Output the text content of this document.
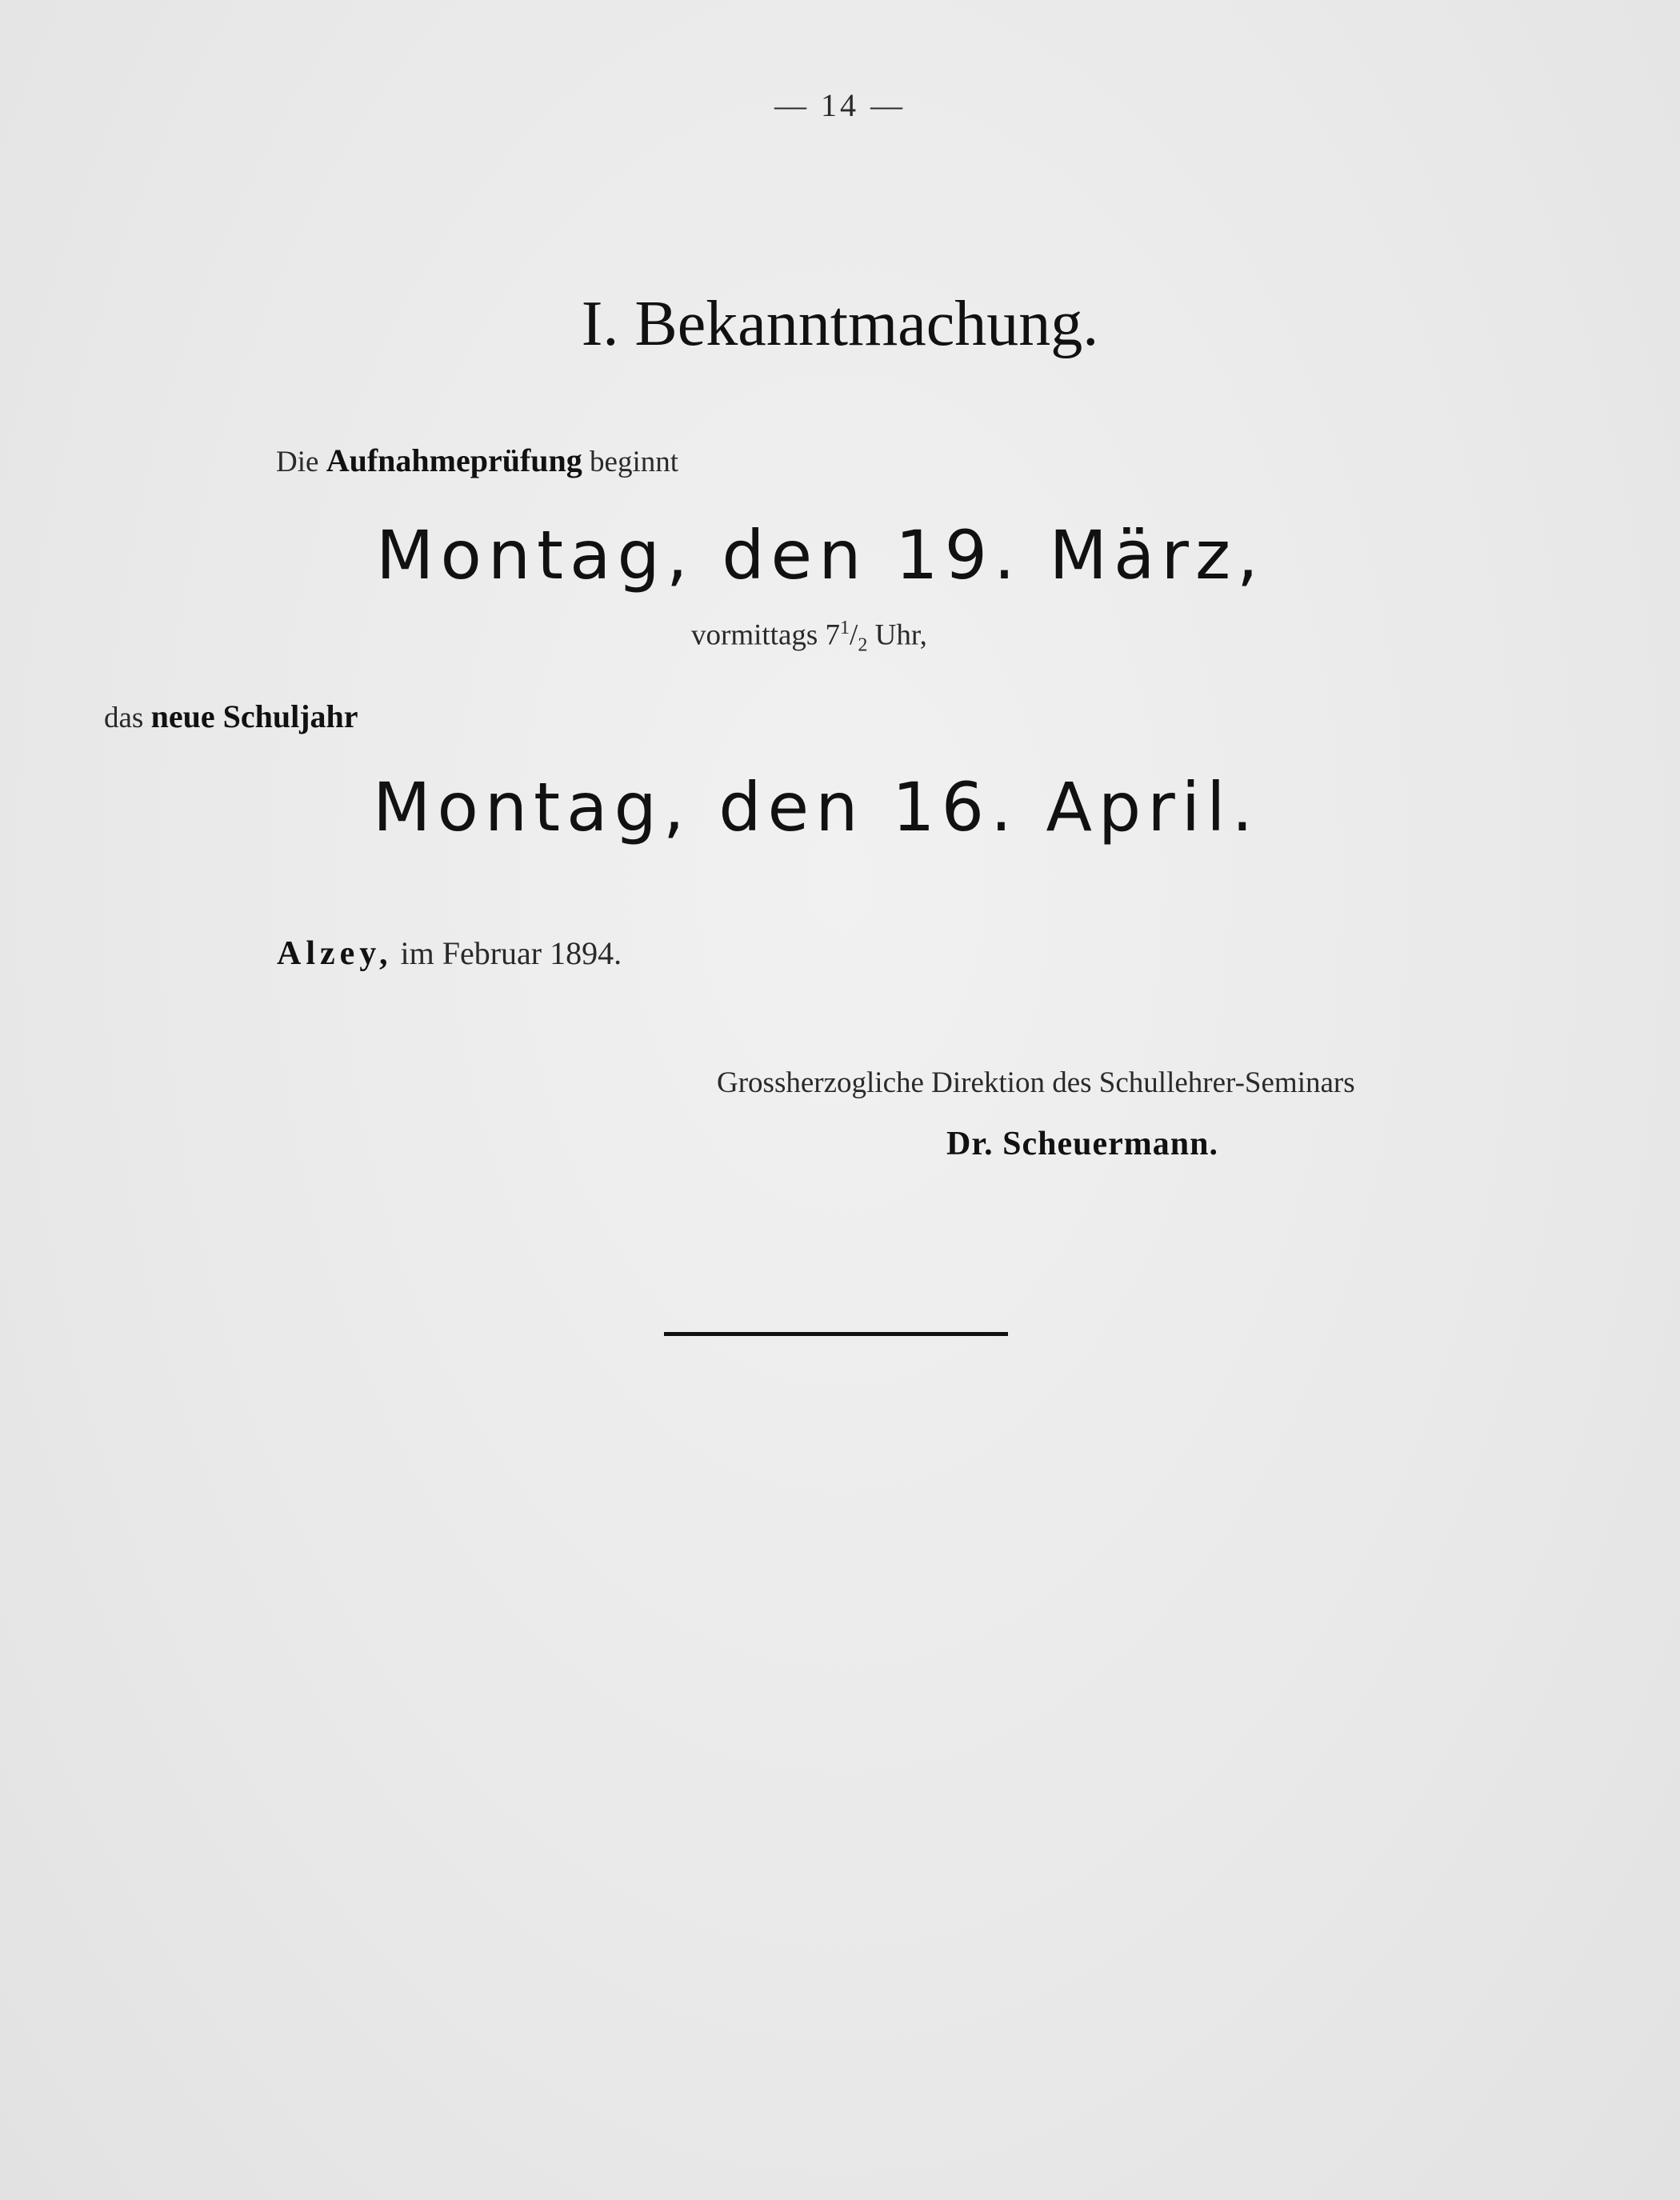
— 14 —
I. Bekanntmachung.
Die Aufnahmeprüfung beginnt
Montag, den 19. März,
vormittags $7^1/_2$ Uhr,
das neue Schuljahr
Montag, den 16. April.
Alzey, im Februar 1894.
Grossherzogliche Direktion des Schullehrer-Seminars
Dr. Scheuermann.
